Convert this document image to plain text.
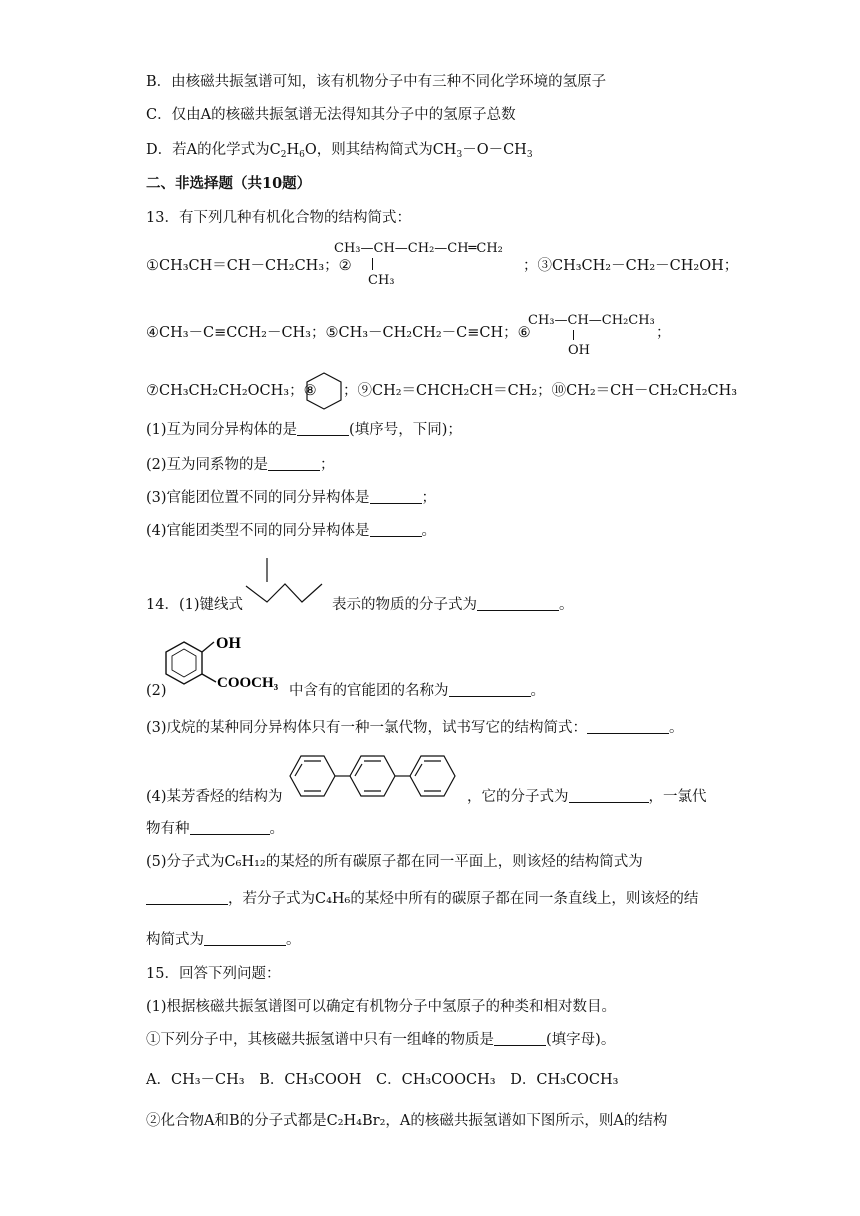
B．由核磁共振氢谱可知，该有机物分子中有三种不同化学环境的氢原子
C．仅由A的核磁共振氢谱无法得知其分子中的氢原子总数
D．若A的化学式为$C_2H_6O$，则其结构简式为$CH_3-O-CH_3$
二、非选择题（共10题）
13．有下列几种有机化合物的结构简式：
①CH₃CH＝CH－CH₂CH₃；②
CH₃—CH—CH₂—CH═CH₂
CH₃
；③CH₃CH₂－CH₂－CH₂OH；
④CH₃－C≡CCH₂－CH₃；⑤CH₃－CH₂CH₂－C≡CH；⑥
CH₃—CH—CH₂CH₃
OH
；
⑦CH₃CH₂CH₂OCH₃；⑧ ；⑨CH₂＝CHCH₂CH＝CH₂；⑩CH₂＝CH－CH₂CH₂CH₃
(1)互为同分异构体的是	(填序号，下同)；
(2)互为同系物的是	；
(3)官能团位置不同的同分异构体是	；
(4)官能团类型不同的同分异构体是	。
14．(1)键线式	表示的物质的分子式为	。
(2)
OH
COOCH₃ 中含有的官能团的名称为	。
(3)戊烷的某种同分异构体只有一种一氯代物，试书写它的结构简式：	。
(4)某芳香烃的结构为	，它的分子式为	，一氯代
物有种	。
(5)分子式为C₆H₁₂的某烃的所有碳原子都在同一平面上，则该烃的结构简式为
，若分子式为C₄H₆的某烃中所有的碳原子都在同一条直线上，则该烃的结
构简式为	。
15．回答下列问题：
(1)根据核磁共振氢谱图可以确定有机物分子中氢原子的种类和相对数目。
①下列分子中，其核磁共振氢谱中只有一组峰的物质是	(填字母)。
A．CH₃－CH₃ B．CH₃COOH C．CH₃COOCH₃ D．CH₃COCH₃
②化合物A和B的分子式都是C₂H₄Br₂，A的核磁共振氢谱如下图所示，则A的结构
